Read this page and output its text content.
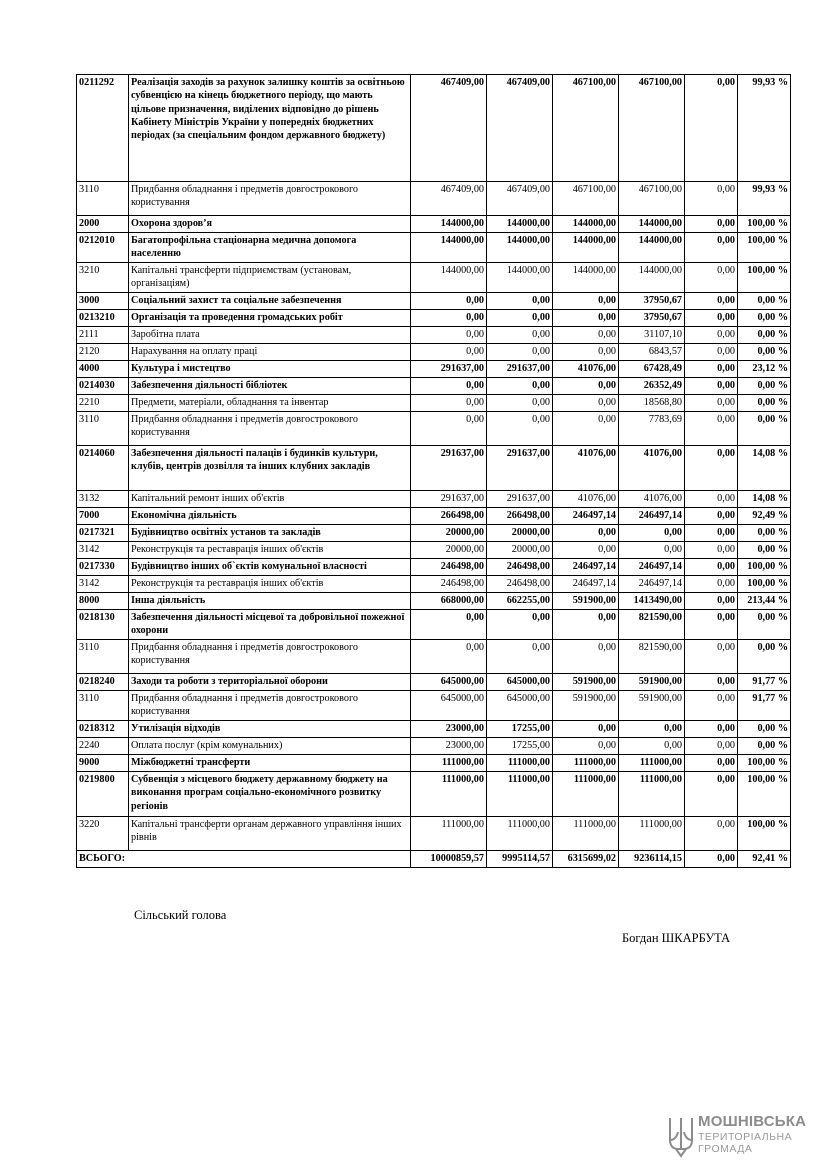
0211292	Реалізація заходів за рахунок залишку коштів за освітньою субвенцією на кінець бюджетного періоду, що мають цільове призначення, виділених відповідно до рішень Кабінету Міністрів України у попередніх бюджетних періодах (за спеціальним фондом державного бюджету)	467409,00	467409,00	467100,00	467100,00	0,00	99,93 %
3110	Придбання обладнання і предметів довгострокового користування	467409,00	467409,00	467100,00	467100,00	0,00	99,93 %
2000	Охорона здоров’я	144000,00	144000,00	144000,00	144000,00	0,00	100,00 %
0212010	Багатопрофільна стаціонарна медична допомога населенню	144000,00	144000,00	144000,00	144000,00	0,00	100,00 %
3210	Капітальні трансферти підприємствам (установам, організаціям)	144000,00	144000,00	144000,00	144000,00	0,00	100,00 %
3000	Соціальний захист та соціальне забезпечення	0,00	0,00	0,00	37950,67	0,00	0,00 %
0213210	Організація та проведення громадських робіт	0,00	0,00	0,00	37950,67	0,00	0,00 %
2111	Заробітна плата	0,00	0,00	0,00	31107,10	0,00	0,00 %
2120	Нарахування на оплату праці	0,00	0,00	0,00	6843,57	0,00	0,00 %
4000	Культура і мистецтво	291637,00	291637,00	41076,00	67428,49	0,00	23,12 %
0214030	Забезпечення діяльності бібліотек	0,00	0,00	0,00	26352,49	0,00	0,00 %
2210	Предмети, матеріали, обладнання та інвентар	0,00	0,00	0,00	18568,80	0,00	0,00 %
3110	Придбання обладнання і предметів довгострокового користування	0,00	0,00	0,00	7783,69	0,00	0,00 %
0214060	Забезпечення діяльності палаців i будинків культури, клубів, центрів дозвілля та iнших клубних закладів	291637,00	291637,00	41076,00	41076,00	0,00	14,08 %
3132	Капітальний ремонт інших об'єктів	291637,00	291637,00	41076,00	41076,00	0,00	14,08 %
7000	Економічна діяльність	266498,00	266498,00	246497,14	246497,14	0,00	92,49 %
0217321	Будівництво освітніх установ та закладів	20000,00	20000,00	0,00	0,00	0,00	0,00 %
3142	Реконструкція та реставрація інших об'єктів	20000,00	20000,00	0,00	0,00	0,00	0,00 %
0217330	Будівництво інших об`єктів комунальної власності	246498,00	246498,00	246497,14	246497,14	0,00	100,00 %
3142	Реконструкція та реставрація інших об'єктів	246498,00	246498,00	246497,14	246497,14	0,00	100,00 %
8000	Інша діяльність	668000,00	662255,00	591900,00	1413490,00	0,00	213,44 %
0218130	Забезпечення діяльності місцевої та добровільної пожежної охорони	0,00	0,00	0,00	821590,00	0,00	0,00 %
3110	Придбання обладнання і предметів довгострокового користування	0,00	0,00	0,00	821590,00	0,00	0,00 %
0218240	Заходи та роботи з територіальної оборони	645000,00	645000,00	591900,00	591900,00	0,00	91,77 %
3110	Придбання обладнання і предметів довгострокового користування	645000,00	645000,00	591900,00	591900,00	0,00	91,77 %
0218312	Утилізація відходів	23000,00	17255,00	0,00	0,00	0,00	0,00 %
2240	Оплата послуг (крім комунальних)	23000,00	17255,00	0,00	0,00	0,00	0,00 %
9000	Міжбюджетні трансферти	111000,00	111000,00	111000,00	111000,00	0,00	100,00 %
0219800	Субвенція з місцевого бюджету державному бюджету на виконання програм соціально-економічного розвитку регіонів	111000,00	111000,00	111000,00	111000,00	0,00	100,00 %
3220	Капітальні трансферти органам державного управління інших рівнів	111000,00	111000,00	111000,00	111000,00	0,00	100,00 %
ВСЬОГО:		10000859,57	9995114,57	6315699,02	9236114,15	0,00	92,41 %
Сільський голова
Богдан ШКАРБУТА
МОШНІВСЬКА
ТЕРИТОРІАЛЬНА
ГРОМАДА
